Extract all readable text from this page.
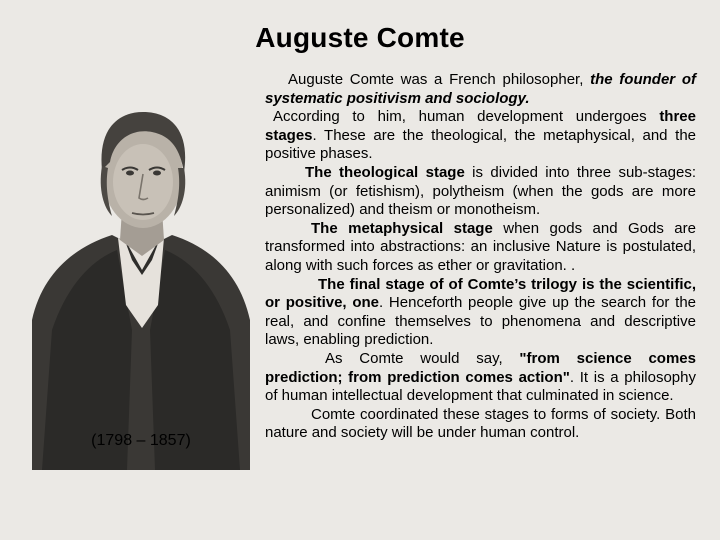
Auguste Comte
(1798 – 1857)

Auguste Comte was a French philosopher, the founder of systematic positivism and sociology.

According to him, human development undergoes three stages. These are the theological, the metaphysical, and the positive phases.

The theological stage is divided into three sub-stages: animism (or fetishism), polytheism (when the gods are more personalized) and theism or monotheism.

The metaphysical stage when gods and Gods are transformed into abstractions: an inclusive Nature is postulated, along with such forces as ether or gravitation. .

The final stage of of Comte’s trilogy is the scientific, or positive, one. Henceforth people give up the search for the real, and confine themselves to phenomena and descriptive laws, enabling prediction.

As Comte would say, "from science comes prediction; from prediction comes action". It is a philosophy of human intellectual development that culminated in science.

Comte coordinated these stages to forms of society. Both nature and society will be under human control.
